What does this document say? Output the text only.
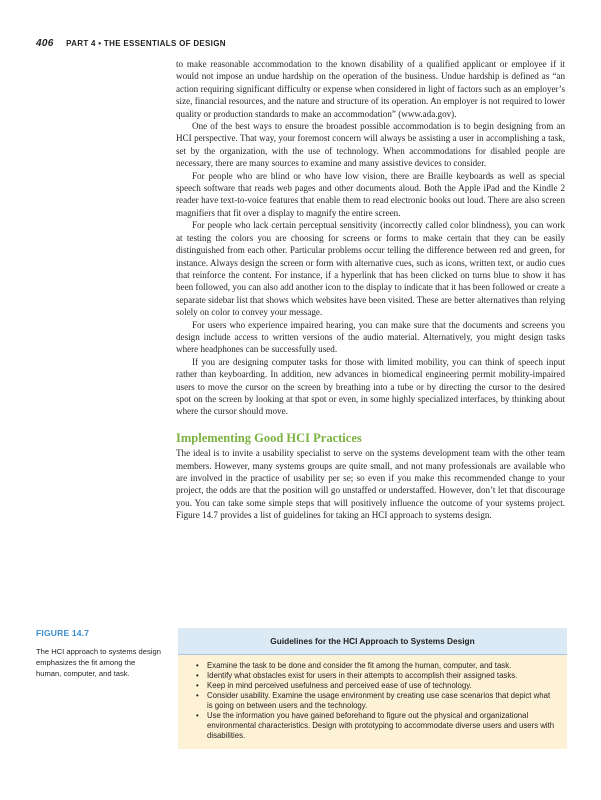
406 PART 4 • THE ESSENTIALS OF DESIGN

to make reasonable accommodation to the known disability of a qualified applicant or employee if it would not impose an undue hardship on the operation of the business. Undue hardship is defined as “an action requiring significant difficulty or expense when considered in light of factors such as an employer’s size, financial resources, and the nature and structure of its operation. An employer is not required to lower quality or production standards to make an accommodation” (www.ada.gov).

One of the best ways to ensure the broadest possible accommodation is to begin designing from an HCI perspective. That way, your foremost concern will always be assisting a user in accomplishing a task, set by the organization, with the use of technology. When accommodations for disabled people are necessary, there are many sources to examine and many assistive devices to consider.

For people who are blind or who have low vision, there are Braille keyboards as well as special speech software that reads web pages and other documents aloud. Both the Apple iPad and the Kindle 2 reader have text-to-voice features that enable them to read electronic books out loud. There are also screen magnifiers that fit over a display to magnify the entire screen.

For people who lack certain perceptual sensitivity (incorrectly called color blindness), you can work at testing the colors you are choosing for screens or forms to make certain that they can be easily distinguished from each other. Particular problems occur telling the difference between red and green, for instance. Always design the screen or form with alternative cues, such as icons, written text, or audio cues that reinforce the content. For instance, if a hyperlink that has been clicked on turns blue to show it has been followed, you can also add another icon to the display to indicate that it has been followed or create a separate sidebar list that shows which websites have been visited. These are better alternatives than relying solely on color to convey your message.

For users who experience impaired hearing, you can make sure that the documents and screens you design include access to written versions of the audio material. Alternatively, you might design tasks where headphones can be successfully used.

If you are designing computer tasks for those with limited mobility, you can think of speech input rather than keyboarding. In addition, new advances in biomedical engineering permit mobility-impaired users to move the cursor on the screen by breathing into a tube or by directing the cursor to the desired spot on the screen by looking at that spot or even, in some highly specialized interfaces, by thinking about where the cursor should move.

Implementing Good HCI Practices

The ideal is to invite a usability specialist to serve on the systems development team with the other team members. However, many systems groups are quite small, and not many professionals are available who are involved in the practice of usability per se; so even if you make this recommended change to your project, the odds are that the position will go unstaffed or understaffed. However, don’t let that discourage you. You can take some simple steps that will positively influence the outcome of your systems project. Figure 14.7 provides a list of guidelines for taking an HCI approach to systems design.

FIGURE 14.7
The HCI approach to systems design emphasizes the fit among the human, computer, and task.
Guidelines for the HCI Approach to Systems Design
• Examine the task to be done and consider the fit among the human, computer, and task.
• Identify what obstacles exist for users in their attempts to accomplish their assigned tasks.
• Keep in mind perceived usefulness and perceived ease of use of technology.
• Consider usability. Examine the usage environment by creating use case scenarios that depict what is going on between users and the technology.
• Use the information you have gained beforehand to figure out the physical and organizational environmental characteristics. Design with prototyping to accommodate diverse users and users with disabilities.
